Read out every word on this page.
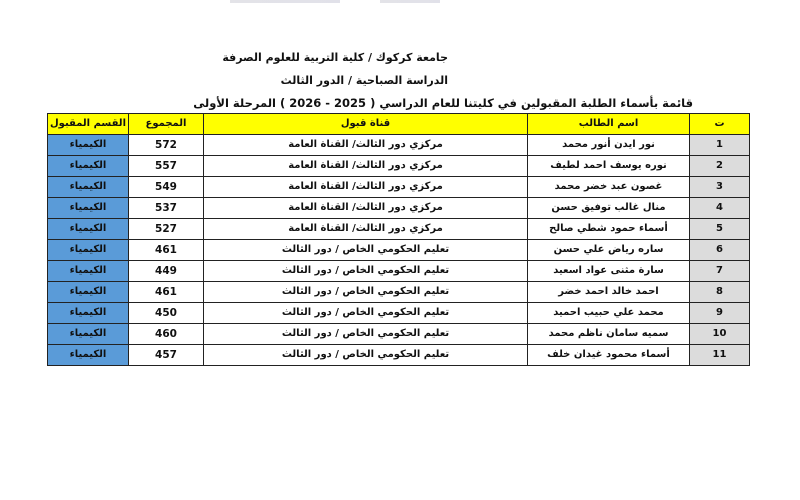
جامعة كركوك / كلية التربية للعلوم الصرفة
الدراسة الصباحية / الدور الثالث
قائمة بأسماء الطلبة المقبولين في كليتنا للعام الدراسي ( 2025 - 2026 ) المرحلة الأولى
ت	اسم الطالب	قناة قبول	المجموع	القسم المقبول
1	نور ايدن أنور محمد	مركزي دور الثالث/ القناة العامة	572	الكيمياء
2	نوره يوسف احمد لطيف	مركزي دور الثالث/ القناة العامة	557	الكيمياء
3	غصون عبد خضر محمد	مركزي دور الثالث/ القناة العامة	549	الكيمياء
4	منال غالب توفيق حسن	مركزي دور الثالث/ القناة العامة	537	الكيمياء
5	أسماء حمود شطي صالح	مركزي دور الثالث/ القناة العامة	527	الكيمياء
6	ساره رياض علي حسن	تعليم الحكومي الخاص / دور الثالث	461	الكيمياء
7	سارة مثنى عواد اسعيد	تعليم الحكومي الخاص / دور الثالث	449	الكيمياء
8	احمد خالد احمد خضر	تعليم الحكومي الخاص / دور الثالث	461	الكيمياء
9	محمد علي حبيب احميد	تعليم الحكومي الخاص / دور الثالث	450	الكيمياء
10	سميه سامان ناظم محمد	تعليم الحكومي الخاص / دور الثالث	460	الكيمياء
11	أسماء محمود غيدان خلف	تعليم الحكومي الخاص / دور الثالث	457	الكيمياء
